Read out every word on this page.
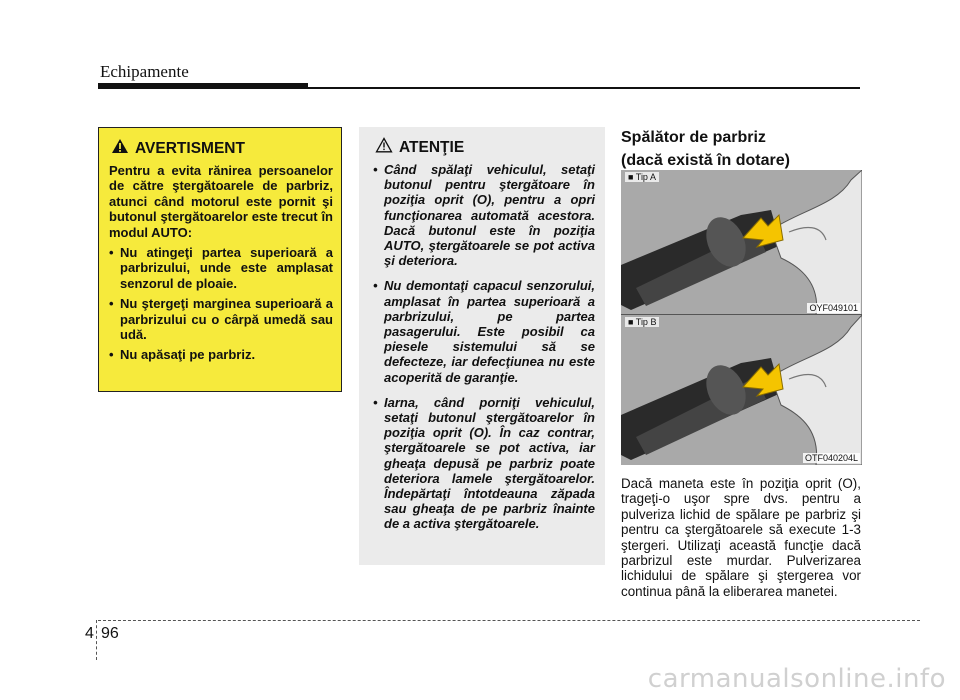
Echipamente
AVERTISMENT

Pentru a evita rănirea persoanelor de către ştergătoarele de parbriz, atunci când motorul este pornit şi butonul ştergătoarelor este trecut în modul AUTO:

• Nu atingeţi partea superioară a parbrizului, unde este amplasat senzorul de ploaie.
• Nu ştergeţi marginea superioară a parbrizului cu o cârpă umedă sau udă.
• Nu apăsaţi pe parbriz.
ATENŢIE
• Când spălaţi vehiculul, setaţi butonul pentru ştergătoare în poziţia oprit (O), pentru a opri funcţionarea automată acestora. Dacă butonul este în poziţia AUTO, ştergătoarele se pot activa şi deteriora.
• Nu demontaţi capacul senzorului, amplasat în partea superioară a parbrizului, pe partea pasagerului. Este posibil ca piesele sistemului să se defecteze, iar defecţiunea nu este acoperită de garanţie.
• Iarna, când porniţi vehiculul, setaţi butonul ştergătoarelor în poziţia oprit (O). În caz contrar, ştergătoarele se pot activa, iar gheaţa depusă pe parbriz poate deteriora lamele ştergătoarelor. Îndepărtaţi întotdeauna zăpada sau gheaţa de pe parbriz înainte de a activa ştergătoarele.
Spălător de parbriz
(dacă există în dotare)
■ Tip A
OYF049101
■ Tip B
OTF040204L

Dacă maneta este în poziţia oprit (O), trageţi-o uşor spre dvs. pentru a pulveriza lichid de spălare pe parbriz şi pentru ca ştergătoarele să execute 1-3 ştergeri. Utilizaţi această funcţie dacă parbrizul este murdar. Pulverizarea lichidului de spălare şi ştergerea vor continua până la eliberarea manetei.

4 96
carmanualsonline.info
